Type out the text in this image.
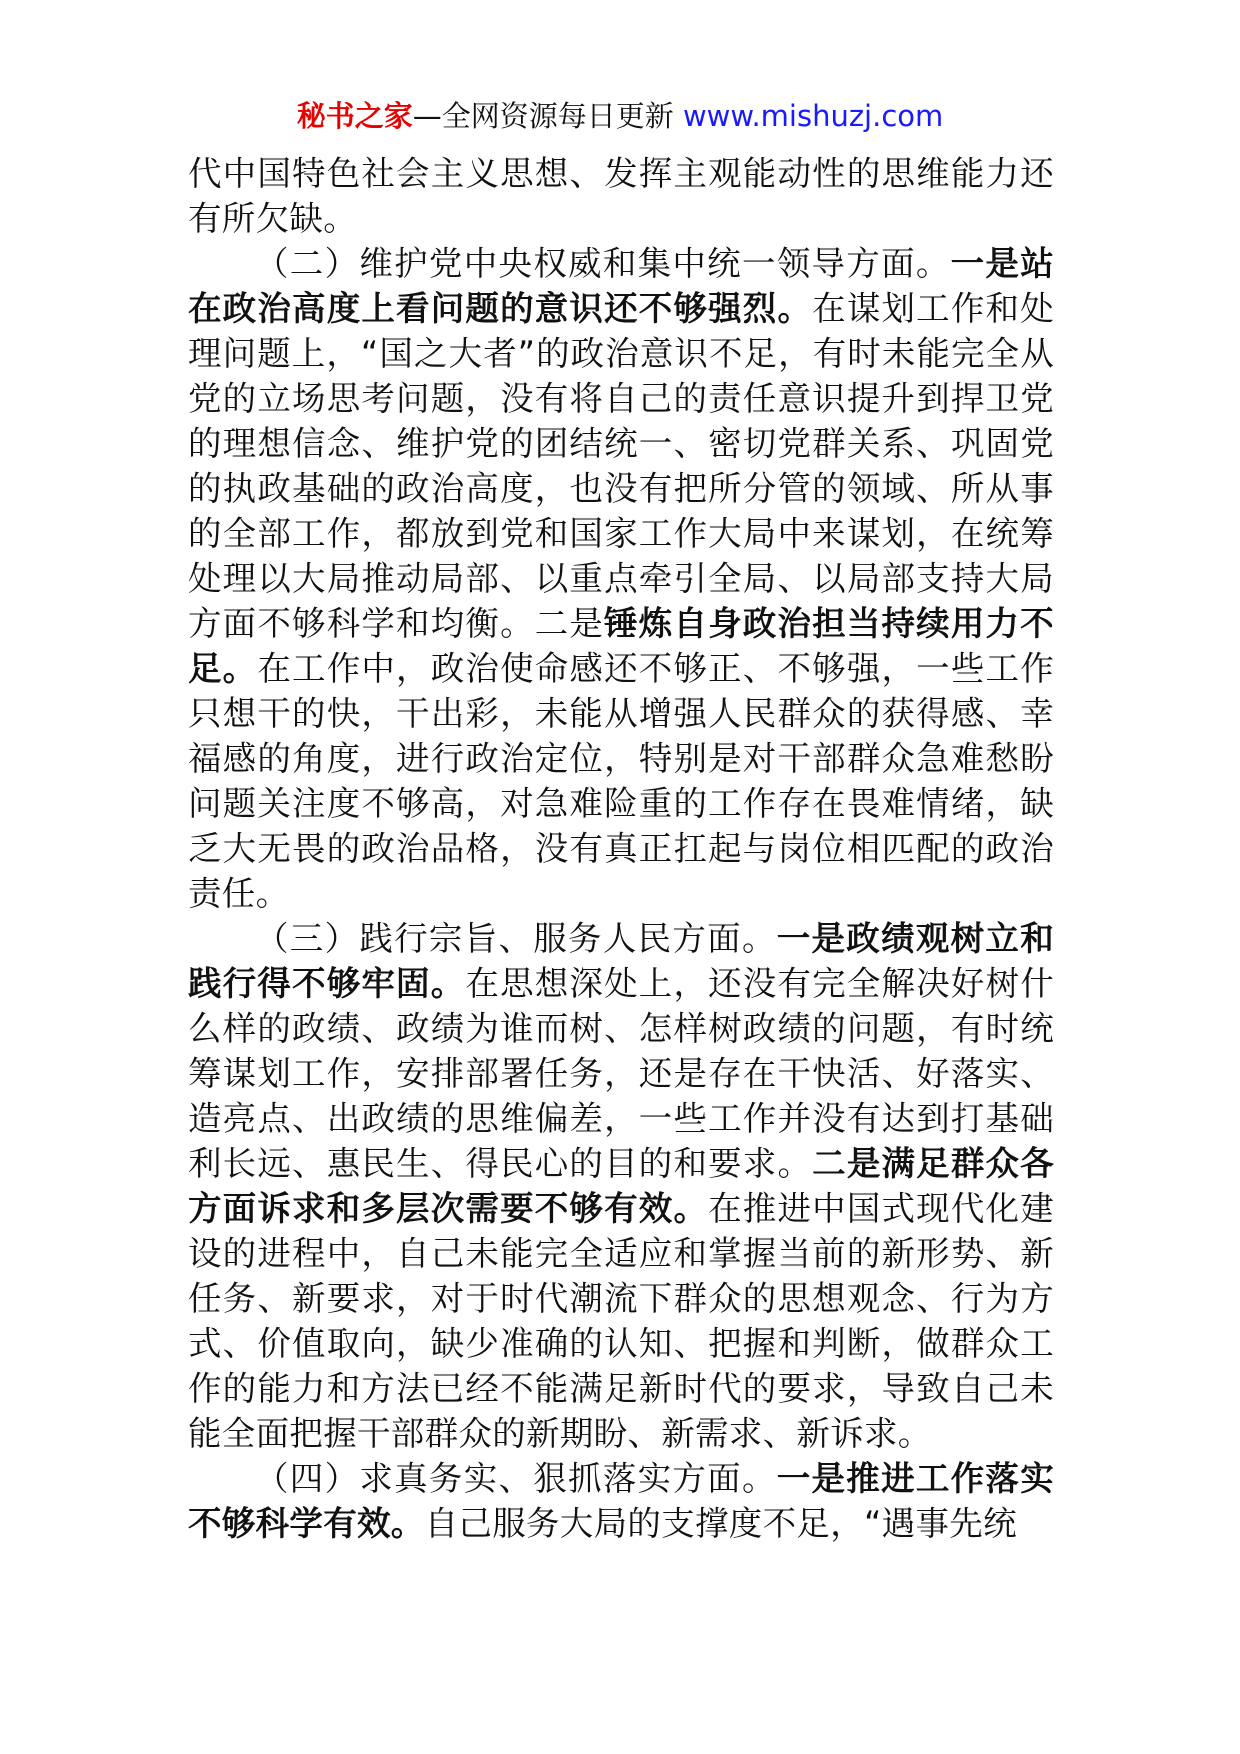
秘书之家—全网资源每日更新 www.mishuzj.com

代中国特色社会主义思想、发挥主观能动性的思维能力还有所欠缺。

（二）维护党中央权威和集中统一领导方面。一是站在政治高度上看问题的意识还不够强烈。在谋划工作和处理问题上，“国之大者”的政治意识不足，有时未能完全从党的立场思考问题，没有将自己的责任意识提升到捍卫党的理想信念、维护党的团结统一、密切党群关系、巩固党的执政基础的政治高度，也没有把所分管的领域、所从事的全部工作，都放到党和国家工作大局中来谋划，在统筹处理以大局推动局部、以重点牵引全局、以局部支持大局方面不够科学和均衡。二是锤炼自身政治担当持续用力不足。在工作中，政治使命感还不够正、不够强，一些工作只想干的快，干出彩，未能从增强人民群众的获得感、幸福感的角度，进行政治定位，特别是对干部群众急难愁盼问题关注度不够高，对急难险重的工作存在畏难情绪，缺乏大无畏的政治品格，没有真正扛起与岗位相匹配的政治责任。

（三）践行宗旨、服务人民方面。一是政绩观树立和践行得不够牢固。在思想深处上，还没有完全解决好树什么样的政绩、政绩为谁而树、怎样树政绩的问题，有时统筹谋划工作，安排部署任务，还是存在干快活、好落实、造亮点、出政绩的思维偏差，一些工作并没有达到打基础利长远、惠民生、得民心的目的和要求。二是满足群众各方面诉求和多层次需要不够有效。在推进中国式现代化建设的进程中，自己未能完全适应和掌握当前的新形势、新任务、新要求，对于时代潮流下群众的思想观念、行为方式、价值取向，缺少准确的认知、把握和判断，做群众工作的能力和方法已经不能满足新时代的要求，导致自己未能全面把握干部群众的新期盼、新需求、新诉求。

（四）求真务实、狠抓落实方面。一是推进工作落实不够科学有效。自己服务大局的支撑度不足，“遇事先统
